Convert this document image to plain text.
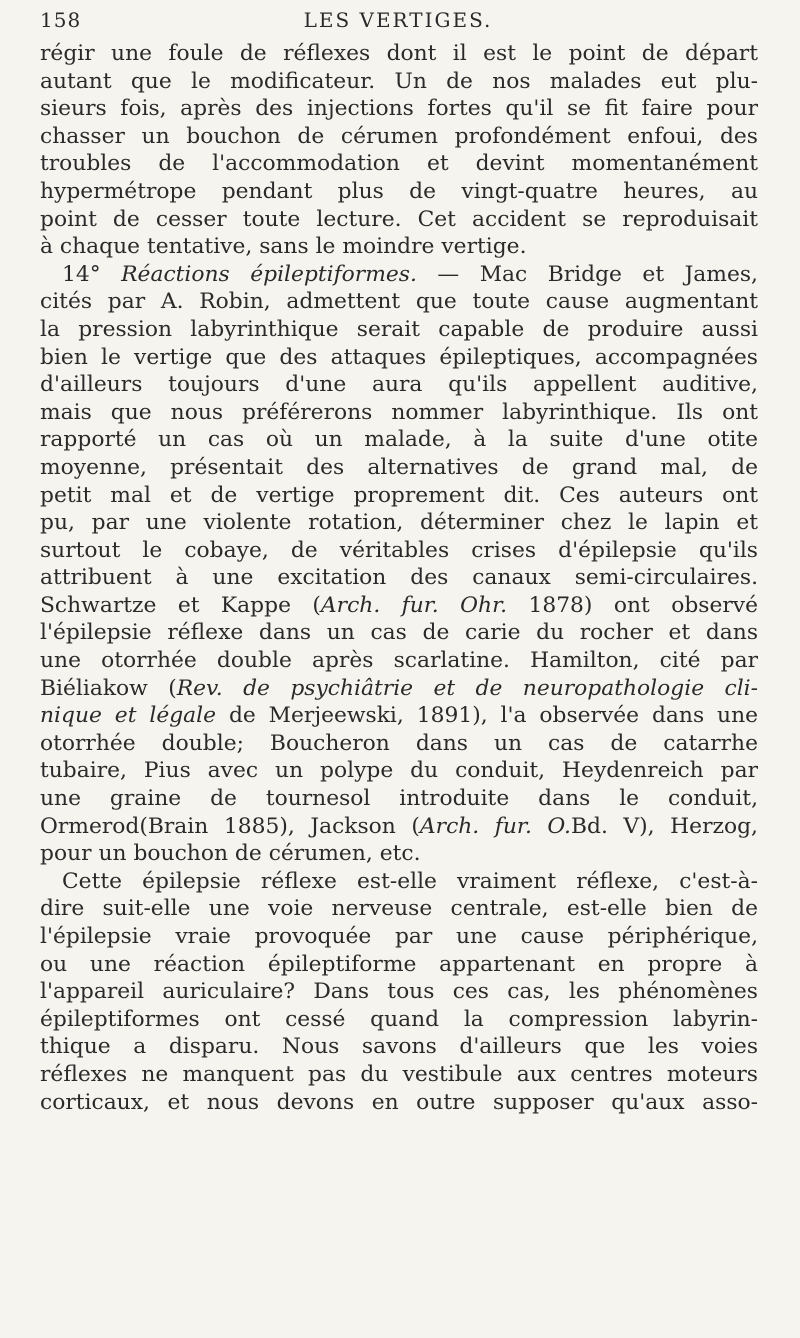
158	LES VERTIGES.
régir une foule de réflexes dont il est le point de départ
autant que le modificateur. Un de nos malades eut plu-
sieurs fois, après des injections fortes qu'il se fit faire pour
chasser un bouchon de cérumen profondément enfoui, des
troubles de l'accommodation et devint momentanément
hypermétrope pendant plus de vingt-quatre heures, au
point de cesser toute lecture. Cet accident se reproduisait
à chaque tentative, sans le moindre vertige.
14° Réactions épileptiformes. — Mac Bridge et James,
cités par A. Robin, admettent que toute cause augmentant
la pression labyrinthique serait capable de produire aussi
bien le vertige que des attaques épileptiques, accompagnées
d'ailleurs toujours d'une aura qu'ils appellent auditive,
mais que nous préférerons nommer labyrinthique. Ils ont
rapporté un cas où un malade, à la suite d'une otite
moyenne, présentait des alternatives de grand mal, de
petit mal et de vertige proprement dit. Ces auteurs ont
pu, par une violente rotation, déterminer chez le lapin et
surtout le cobaye, de véritables crises d'épilepsie qu'ils
attribuent à une excitation des canaux semi-circulaires.
Schwartze et Kappe (Arch. fur. Ohr. 1878) ont observé
l'épilepsie réflexe dans un cas de carie du rocher et dans
une otorrhée double après scarlatine. Hamilton, cité par
Biéliakow (Rev. de psychiâtrie et de neuropathologie cli-
nique et légale de Merjeewski, 1891), l'a observée dans une
otorrhée double; Boucheron dans un cas de catarrhe
tubaire, Pius avec un polype du conduit, Heydenreich par
une graine de tournesol introduite dans le conduit,
Ormerod(Brain 1885), Jackson (Arch. fur. O.Bd. V), Herzog,
pour un bouchon de cérumen, etc.
Cette épilepsie réflexe est-elle vraiment réflexe, c'est-à-
dire suit-elle une voie nerveuse centrale, est-elle bien de
l'épilepsie vraie provoquée par une cause périphérique,
ou une réaction épileptiforme appartenant en propre à
l'appareil auriculaire? Dans tous ces cas, les phénomènes
épileptiformes ont cessé quand la compression labyrin-
thique a disparu. Nous savons d'ailleurs que les voies
réflexes ne manquent pas du vestibule aux centres moteurs
corticaux, et nous devons en outre supposer qu'aux asso-
